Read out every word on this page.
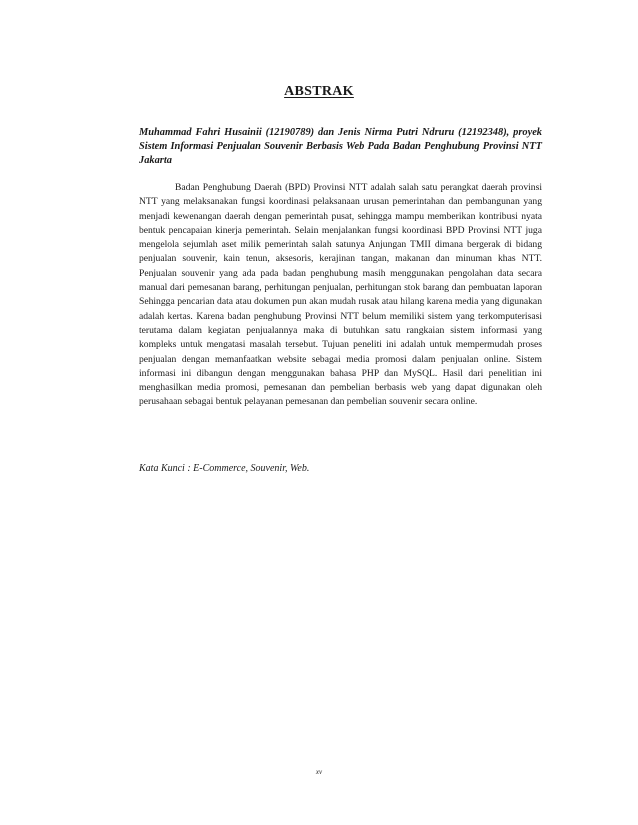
ABSTRAK
Muhammad Fahri Husainii (12190789) dan Jenis Nirma Putri Ndruru (12192348), proyek Sistem Informasi Penjualan Souvenir Berbasis Web Pada Badan Penghubung Provinsi NTT Jakarta

Badan Penghubung Daerah (BPD) Provinsi NTT adalah salah satu perangkat daerah provinsi NTT yang melaksanakan fungsi koordinasi pelaksanaan urusan pemerintahan dan pembangunan yang menjadi kewenangan daerah dengan pemerintah pusat, sehingga mampu memberikan kontribusi nyata bentuk pencapaian kinerja pemerintah. Selain menjalankan fungsi koordinasi BPD Provinsi NTT juga mengelola sejumlah aset milik pemerintah salah satunya Anjungan TMII dimana bergerak di bidang penjualan souvenir, kain tenun, aksesoris, kerajinan tangan, makanan dan minuman khas NTT. Penjualan souvenir yang ada pada badan penghubung masih menggunakan pengolahan data secara manual dari pemesanan barang, perhitungan penjualan, perhitungan stok barang dan pembuatan laporan Sehingga pencarian data atau dokumen pun akan mudah rusak atau hilang karena media yang digunakan adalah kertas. Karena badan penghubung Provinsi NTT belum memiliki sistem yang terkomputerisasi terutama dalam kegiatan penjualannya maka di butuhkan satu rangkaian sistem informasi yang kompleks untuk mengatasi masalah tersebut. Tujuan peneliti ini adalah untuk mempermudah proses penjualan dengan memanfaatkan website sebagai media promosi dalam penjualan online. Sistem informasi ini dibangun dengan menggunakan bahasa PHP dan MySQL. Hasil dari penelitian ini menghasilkan media promosi, pemesanan dan pembelian berbasis web yang dapat digunakan oleh perusahaan sebagai bentuk pelayanan pemesanan dan pembelian souvenir secara online.

Kata Kunci : E-Commerce, Souvenir, Web.

xv
